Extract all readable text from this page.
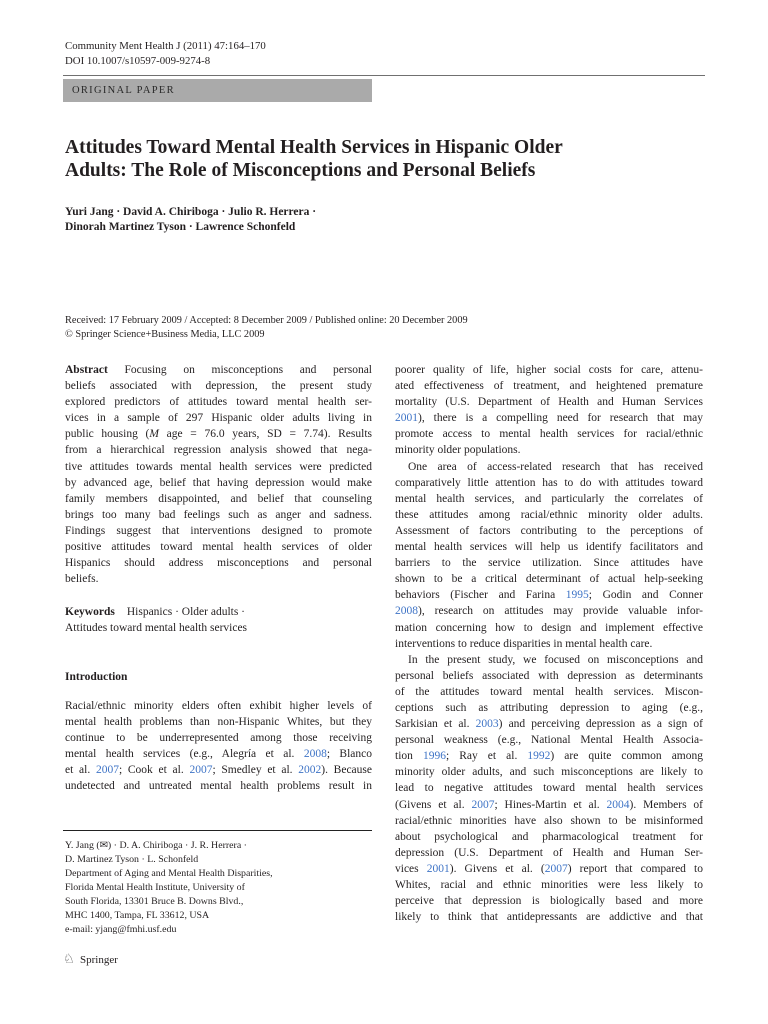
Community Ment Health J (2011) 47:164–170
DOI 10.1007/s10597-009-9274-8
ORIGINAL PAPER
Attitudes Toward Mental Health Services in Hispanic Older
Adults: The Role of Misconceptions and Personal Beliefs
Yuri Jang · David A. Chiriboga · Julio R. Herrera ·
Dinorah Martinez Tyson · Lawrence Schonfeld
Received: 17 February 2009 / Accepted: 8 December 2009 / Published online: 20 December 2009
© Springer Science+Business Media, LLC 2009
Abstract Focusing on misconceptions and personal
beliefs associated with depression, the present study
explored predictors of attitudes toward mental health ser-
vices in a sample of 297 Hispanic older adults living in
public housing (M age = 76.0 years, SD = 7.74). Results
from a hierarchical regression analysis showed that nega-
tive attitudes towards mental health services were predicted
by advanced age, belief that having depression would make
family members disappointed, and belief that counseling
brings too many bad feelings such as anger and sadness.
Findings suggest that interventions designed to promote
positive attitudes toward mental health services of older
Hispanics should address misconceptions and personal
beliefs.
Keywords Hispanics · Older adults ·
Attitudes toward mental health services
Introduction
Racial/ethnic minority elders often exhibit higher levels of
mental health problems than non-Hispanic Whites, but they
continue to be underrepresented among those receiving
mental health services (e.g., Alegría et al. 2008; Blanco
et al. 2007; Cook et al. 2007; Smedley et al. 2002). Because
undetected and untreated mental health problems result in
Y. Jang (✉) · D. A. Chiriboga · J. R. Herrera ·
D. Martinez Tyson · L. Schonfeld
Department of Aging and Mental Health Disparities,
Florida Mental Health Institute, University of
South Florida, 13301 Bruce B. Downs Blvd.,
MHC 1400, Tampa, FL 33612, USA
e-mail: yjang@fmhi.usf.edu
poorer quality of life, higher social costs for care, attenu-
ated effectiveness of treatment, and heightened premature
mortality (U.S. Department of Health and Human Services
2001), there is a compelling need for research that may
promote access to mental health services for racial/ethnic
minority older populations.
One area of access-related research that has received
comparatively little attention has to do with attitudes toward
mental health services, and particularly the correlates of
these attitudes among racial/ethnic minority older adults.
Assessment of factors contributing to the perceptions of
mental health services will help us identify facilitators and
barriers to the service utilization. Since attitudes have
shown to be a critical determinant of actual help-seeking
behaviors (Fischer and Farina 1995; Godin and Conner
2008), research on attitudes may provide valuable infor-
mation concerning how to design and implement effective
interventions to reduce disparities in mental health care.
In the present study, we focused on misconceptions and
personal beliefs associated with depression as determinants
of the attitudes toward mental health services. Miscon-
ceptions such as attributing depression to aging (e.g.,
Sarkisian et al. 2003) and perceiving depression as a sign of
personal weakness (e.g., National Mental Health Associa-
tion 1996; Ray et al. 1992) are quite common among
minority older adults, and such misconceptions are likely to
lead to negative attitudes toward mental health services
(Givens et al. 2007; Hines-Martin et al. 2004). Members of
racial/ethnic minorities have also shown to be misinformed
about psychological and pharmacological treatment for
depression (U.S. Department of Health and Human Ser-
vices 2001). Givens et al. (2007) report that compared to
Whites, racial and ethnic minorities were less likely to
perceive that depression is biologically based and more
likely to think that antidepressants are addictive and that
♘ $^{Springer}$
